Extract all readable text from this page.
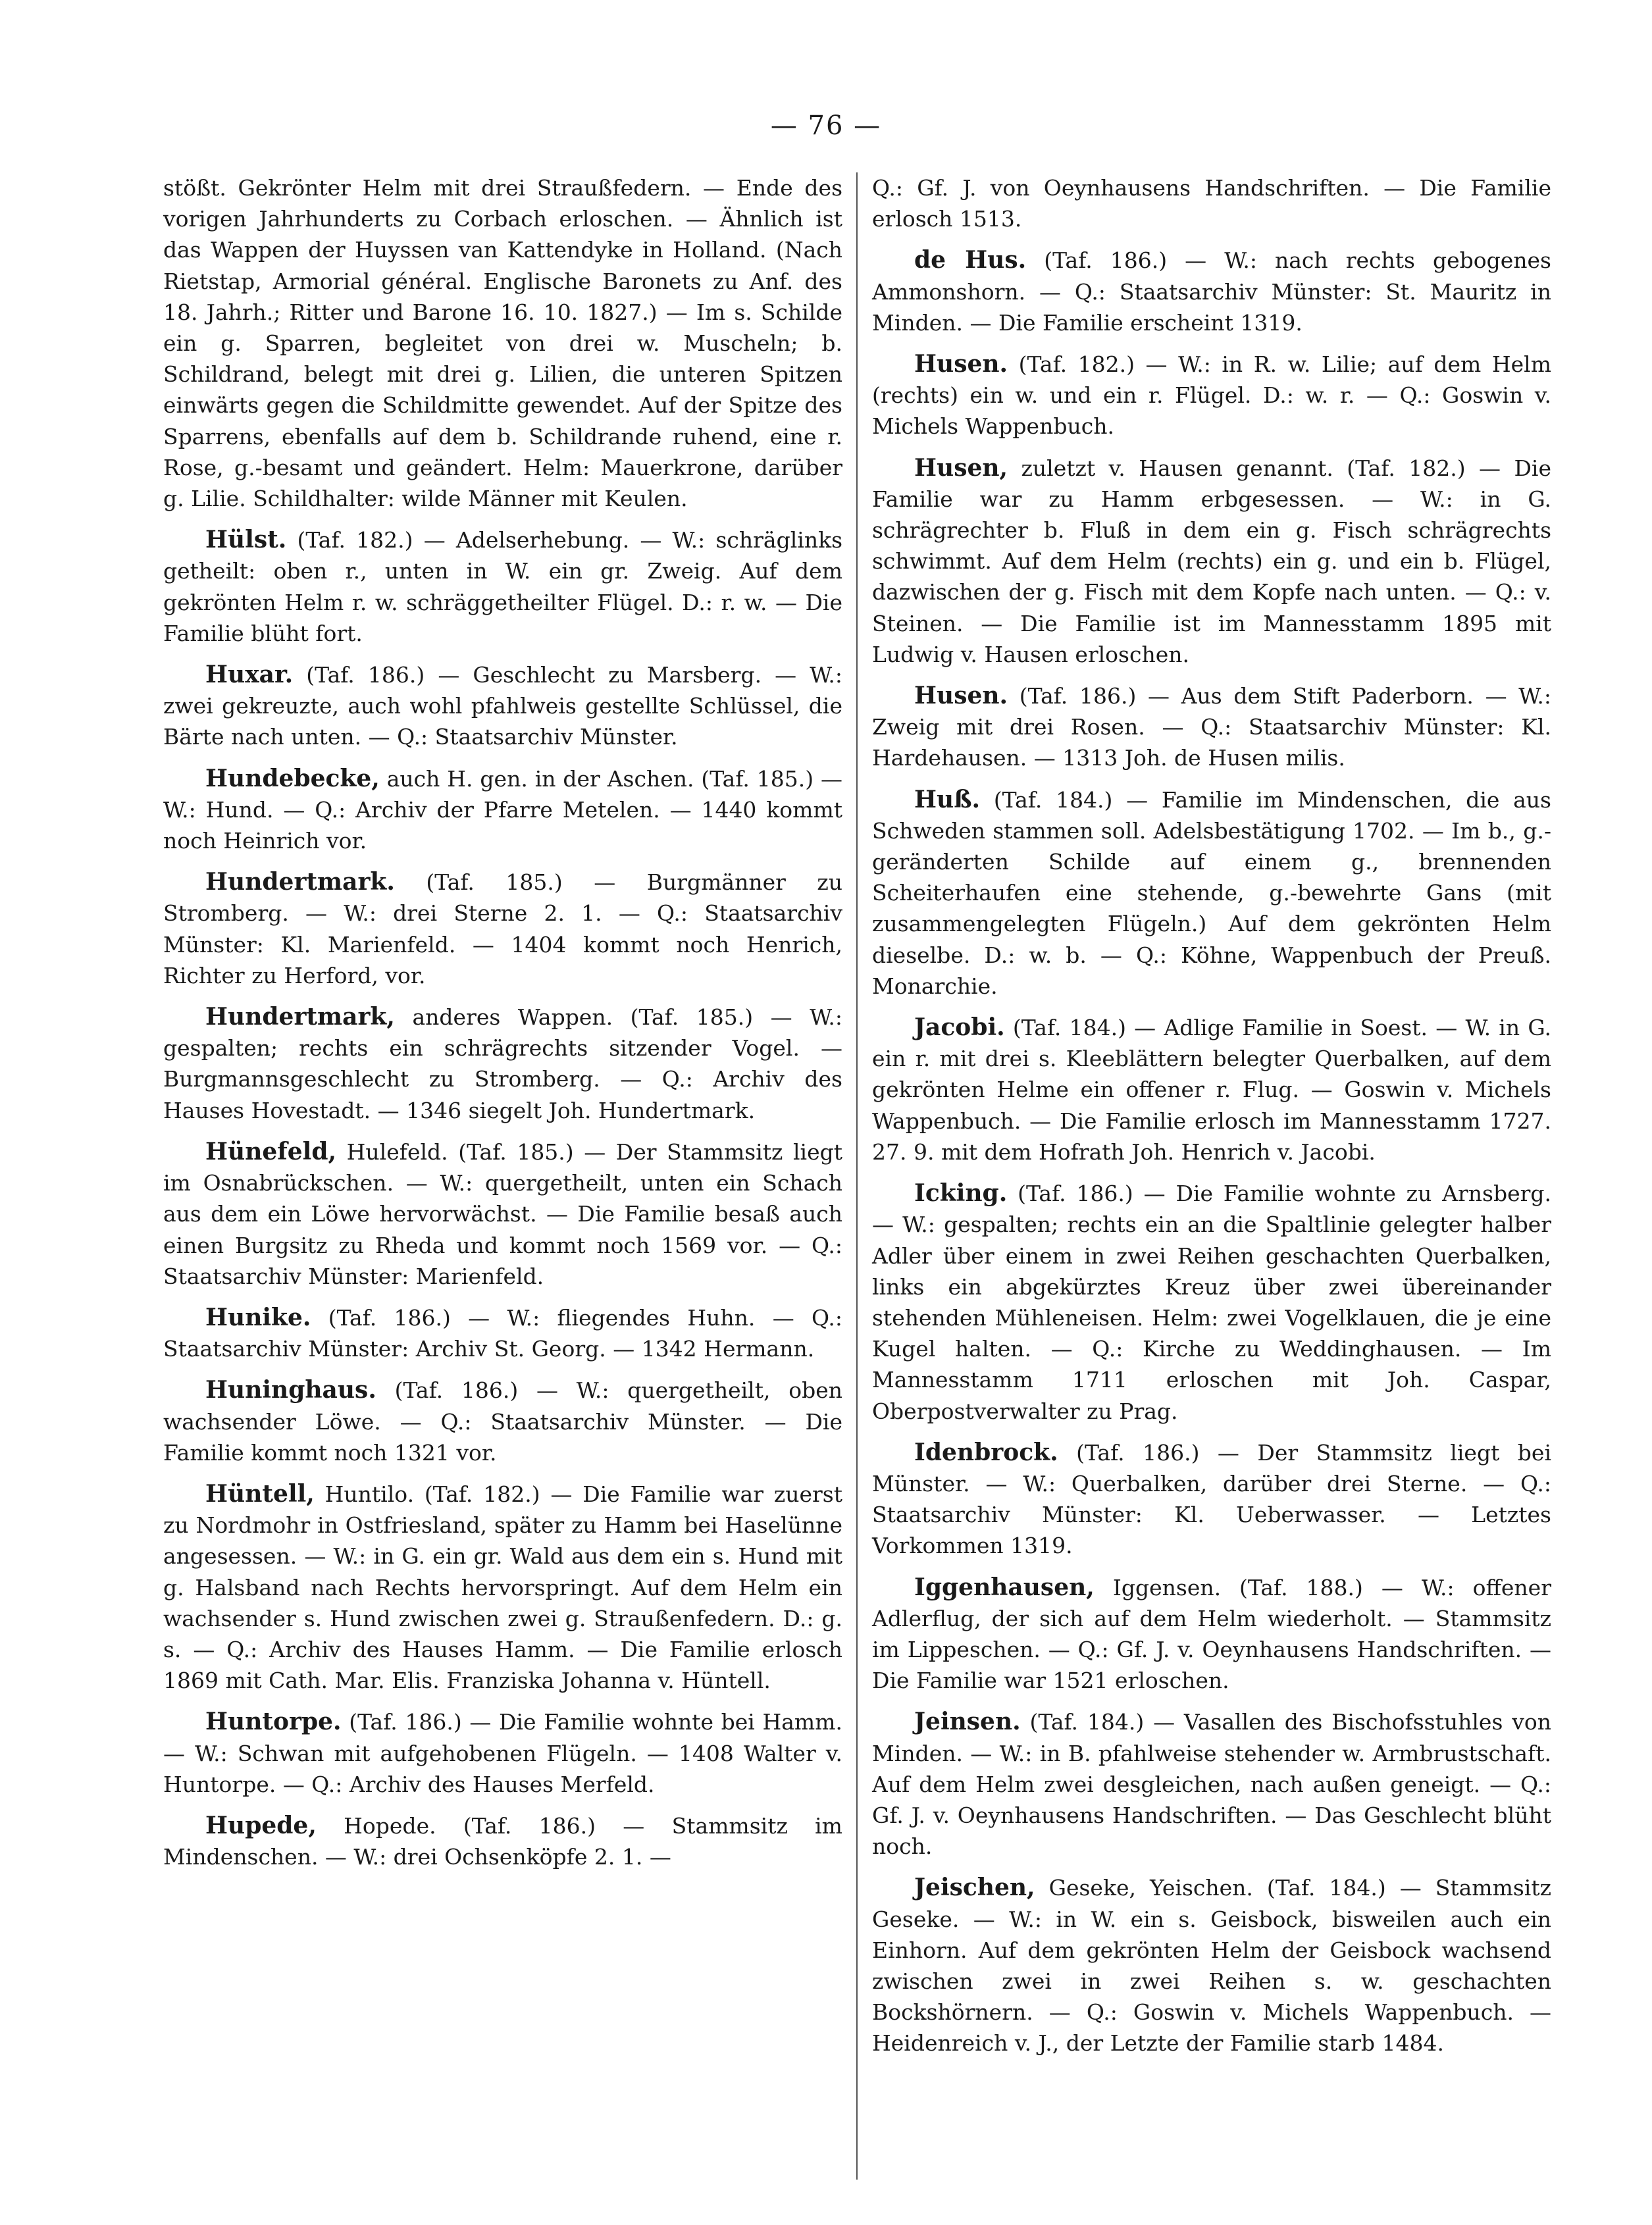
— 76 —

stößt. Gekrönter Helm mit drei Straußfedern. — Ende des vorigen Jahrhunderts zu Corbach erloschen. — Ähnlich ist das Wappen der Huyssen van Kattendyke in Holland. (Nach Rietstap, Armorial général. Englische Baronets zu Anf. des 18. Jahrh.; Ritter und Barone 16. 10. 1827.) — Im s. Schilde ein g. Sparren, begleitet von drei w. Muscheln; b. Schildrand, belegt mit drei g. Lilien, die unteren Spitzen einwärts gegen die Schildmitte gewendet. Auf der Spitze des Sparrens, ebenfalls auf dem b. Schildrande ruhend, eine r. Rose, g.-besamt und geändert. Helm: Mauerkrone, darüber g. Lilie. Schildhalter: wilde Männer mit Keulen.

Hülst. (Taf. 182.) — Adelserhebung. — W.: schräglinks getheilt: oben r., unten in W. ein gr. Zweig. Auf dem gekrönten Helm r. w. schräggetheilter Flügel. D.: r. w. — Die Familie blüht fort.

Huxar. (Taf. 186.) — Geschlecht zu Marsberg. — W.: zwei gekreuzte, auch wohl pfahlweis gestellte Schlüssel, die Bärte nach unten. — Q.: Staatsarchiv Münster.

Hundebecke, auch H. gen. in der Aschen. (Taf. 185.) — W.: Hund. — Q.: Archiv der Pfarre Metelen. — 1440 kommt noch Heinrich vor.

Hundertmark. (Taf. 185.) — Burgmänner zu Stromberg. — W.: drei Sterne 2. 1. — Q.: Staatsarchiv Münster: Kl. Marienfeld. — 1404 kommt noch Henrich, Richter zu Herford, vor.

Hundertmark, anderes Wappen. (Taf. 185.) — W.: gespalten; rechts ein schrägrechts sitzender Vogel. — Burgmannsgeschlecht zu Stromberg. — Q.: Archiv des Hauses Hovestadt. — 1346 siegelt Joh. Hundertmark.

Hünefeld, Hulefeld. (Taf. 185.) — Der Stammsitz liegt im Osnabrückschen. — W.: quergetheilt, unten ein Schach aus dem ein Löwe hervorwächst. — Die Familie besaß auch einen Burgsitz zu Rheda und kommt noch 1569 vor. — Q.: Staatsarchiv Münster: Marienfeld.

Hunike. (Taf. 186.) — W.: fliegendes Huhn. — Q.: Staatsarchiv Münster: Archiv St. Georg. — 1342 Hermann.

Huninghaus. (Taf. 186.) — W.: quergetheilt, oben wachsender Löwe. — Q.: Staatsarchiv Münster. — Die Familie kommt noch 1321 vor.

Hüntell, Huntilo. (Taf. 182.) — Die Familie war zuerst zu Nordmohr in Ostfriesland, später zu Hamm bei Haselünne angesessen. — W.: in G. ein gr. Wald aus dem ein s. Hund mit g. Halsband nach Rechts hervorspringt. Auf dem Helm ein wachsender s. Hund zwischen zwei g. Straußenfedern. D.: g. s. — Q.: Archiv des Hauses Hamm. — Die Familie erlosch 1869 mit Cath. Mar. Elis. Franziska Johanna v. Hüntell.

Huntorpe. (Taf. 186.) — Die Familie wohnte bei Hamm. — W.: Schwan mit aufgehobenen Flügeln. — 1408 Walter v. Huntorpe. — Q.: Archiv des Hauses Merfeld.

Hupede, Hopede. (Taf. 186.) — Stammsitz im Mindenschen. — W.: drei Ochsenköpfe 2. 1. —

Q.: Gf. J. von Oeynhausens Handschriften. — Die Familie erlosch 1513.

de Hus. (Taf. 186.) — W.: nach rechts gebogenes Ammonshorn. — Q.: Staatsarchiv Münster: St. Mauritz in Minden. — Die Familie erscheint 1319.

Husen. (Taf. 182.) — W.: in R. w. Lilie; auf dem Helm (rechts) ein w. und ein r. Flügel. D.: w. r. — Q.: Goswin v. Michels Wappenbuch.

Husen, zuletzt v. Hausen genannt. (Taf. 182.) — Die Familie war zu Hamm erbgesessen. — W.: in G. schrägrechter b. Fluß in dem ein g. Fisch schrägrechts schwimmt. Auf dem Helm (rechts) ein g. und ein b. Flügel, dazwischen der g. Fisch mit dem Kopfe nach unten. — Q.: v. Steinen. — Die Familie ist im Mannesstamm 1895 mit Ludwig v. Hausen erloschen.

Husen. (Taf. 186.) — Aus dem Stift Paderborn. — W.: Zweig mit drei Rosen. — Q.: Staatsarchiv Münster: Kl. Hardehausen. — 1313 Joh. de Husen milis.

Huß. (Taf. 184.) — Familie im Mindenschen, die aus Schweden stammen soll. Adelsbestätigung 1702. — Im b., g.-geränderten Schilde auf einem g., brennenden Scheiterhaufen eine stehende, g.-bewehrte Gans (mit zusammengelegten Flügeln.) Auf dem gekrönten Helm dieselbe. D.: w. b. — Q.: Köhne, Wappenbuch der Preuß. Monarchie.

Jacobi. (Taf. 184.) — Adlige Familie in Soest. — W. in G. ein r. mit drei s. Kleeblättern belegter Querbalken, auf dem gekrönten Helme ein offener r. Flug. — Goswin v. Michels Wappenbuch. — Die Familie erlosch im Mannesstamm 1727. 27. 9. mit dem Hofrath Joh. Henrich v. Jacobi.

Icking. (Taf. 186.) — Die Familie wohnte zu Arnsberg. — W.: gespalten; rechts ein an die Spaltlinie gelegter halber Adler über einem in zwei Reihen geschachten Querbalken, links ein abgekürztes Kreuz über zwei übereinander stehenden Mühleneisen. Helm: zwei Vogelklauen, die je eine Kugel halten. — Q.: Kirche zu Weddinghausen. — Im Mannesstamm 1711 erloschen mit Joh. Caspar, Oberpostverwalter zu Prag.

Idenbrock. (Taf. 186.) — Der Stammsitz liegt bei Münster. — W.: Querbalken, darüber drei Sterne. — Q.: Staatsarchiv Münster: Kl. Ueberwasser. — Letztes Vorkommen 1319.

Iggenhausen, Iggensen. (Taf. 188.) — W.: offener Adlerflug, der sich auf dem Helm wiederholt. — Stammsitz im Lippeschen. — Q.: Gf. J. v. Oeynhausens Handschriften. — Die Familie war 1521 erloschen.

Jeinsen. (Taf. 184.) — Vasallen des Bischofsstuhles von Minden. — W.: in B. pfahlweise stehender w. Armbrustschaft. Auf dem Helm zwei desgleichen, nach außen geneigt. — Q.: Gf. J. v. Oeynhausens Handschriften. — Das Geschlecht blüht noch.

Jeischen, Geseke, Yeischen. (Taf. 184.) — Stammsitz Geseke. — W.: in W. ein s. Geisbock, bisweilen auch ein Einhorn. Auf dem gekrönten Helm der Geisbock wachsend zwischen zwei in zwei Reihen s. w. geschachten Bockshörnern. — Q.: Goswin v. Michels Wappenbuch. — Heidenreich v. J., der Letzte der Familie starb 1484.
